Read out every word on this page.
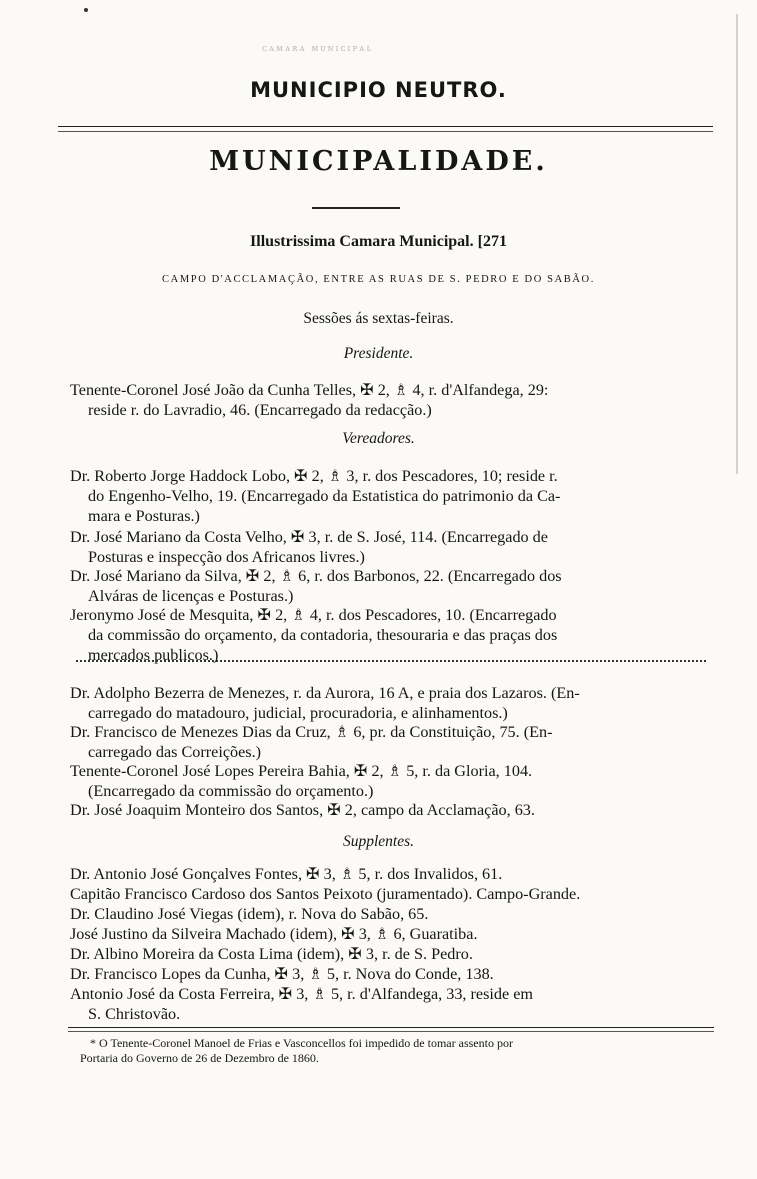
ᴄᴀᴍᴀʀᴀ ᴍᴜɴɪᴄɪᴘᴀʟ
MUNICIPIO NEUTRO.
MUNICIPALIDADE.
Illustrissima Camara Municipal. [271
CAMPO D'ACCLAMAÇÃO, ENTRE AS RUAS DE S. PEDRO E DO SABÃO.
Sessões ás sextas-feiras.
Presidente.
Tenente-Coronel José João da Cunha Telles, ✠ 2, ♗ 4, r. d'Alfandega, 29:
reside r. do Lavradio, 46. (Encarregado da redacção.)
Vereadores.
Dr. Roberto Jorge Haddock Lobo, ✠ 2, ♗ 3, r. dos Pescadores, 10; reside r.
do Engenho-Velho, 19. (Encarregado da Estatistica do patrimonio da Ca-
mara e Posturas.)
Dr. José Mariano da Costa Velho, ✠ 3, r. de S. José, 114. (Encarregado de
Posturas e inspecção dos Africanos livres.)
Dr. José Mariano da Silva, ✠ 2, ♗ 6, r. dos Barbonos, 22. (Encarregado dos
Alváras de licenças e Posturas.)
Jeronymo José de Mesquita, ✠ 2, ♗ 4, r. dos Pescadores, 10. (Encarregado
da commissão do orçamento, da contadoria, thesouraria e das praças dos
mercados publicos.)
Dr. Adolpho Bezerra de Menezes, r. da Aurora, 16 A, e praia dos Lazaros. (En-
carregado do matadouro, judicial, procuradoria, e alinhamentos.)
Dr. Francisco de Menezes Dias da Cruz, ♗ 6, pr. da Constituição, 75. (En-
carregado das Correições.)
Tenente-Coronel José Lopes Pereira Bahia, ✠ 2, ♗ 5, r. da Gloria, 104.
(Encarregado da commissão do orçamento.)
Dr. José Joaquim Monteiro dos Santos, ✠ 2, campo da Acclamação, 63.
Supplentes.
Dr. Antonio José Gonçalves Fontes, ✠ 3, ♗ 5, r. dos Invalidos, 61.
Capitão Francisco Cardoso dos Santos Peixoto (juramentado). Campo-Grande.
Dr. Claudino José Viegas (idem), r. Nova do Sabão, 65.
José Justino da Silveira Machado (idem), ✠ 3, ♗ 6, Guaratiba.
Dr. Albino Moreira da Costa Lima (idem), ✠ 3, r. de S. Pedro.
Dr. Francisco Lopes da Cunha, ✠ 3, ♗ 5, r. Nova do Conde, 138.
Antonio José da Costa Ferreira, ✠ 3, ♗ 5, r. d'Alfandega, 33, reside em
S. Christovão.
* O Tenente-Coronel Manoel de Frias e Vasconcellos foi impedido de tomar assento por
Portaria do Governo de 26 de Dezembro de 1860.
